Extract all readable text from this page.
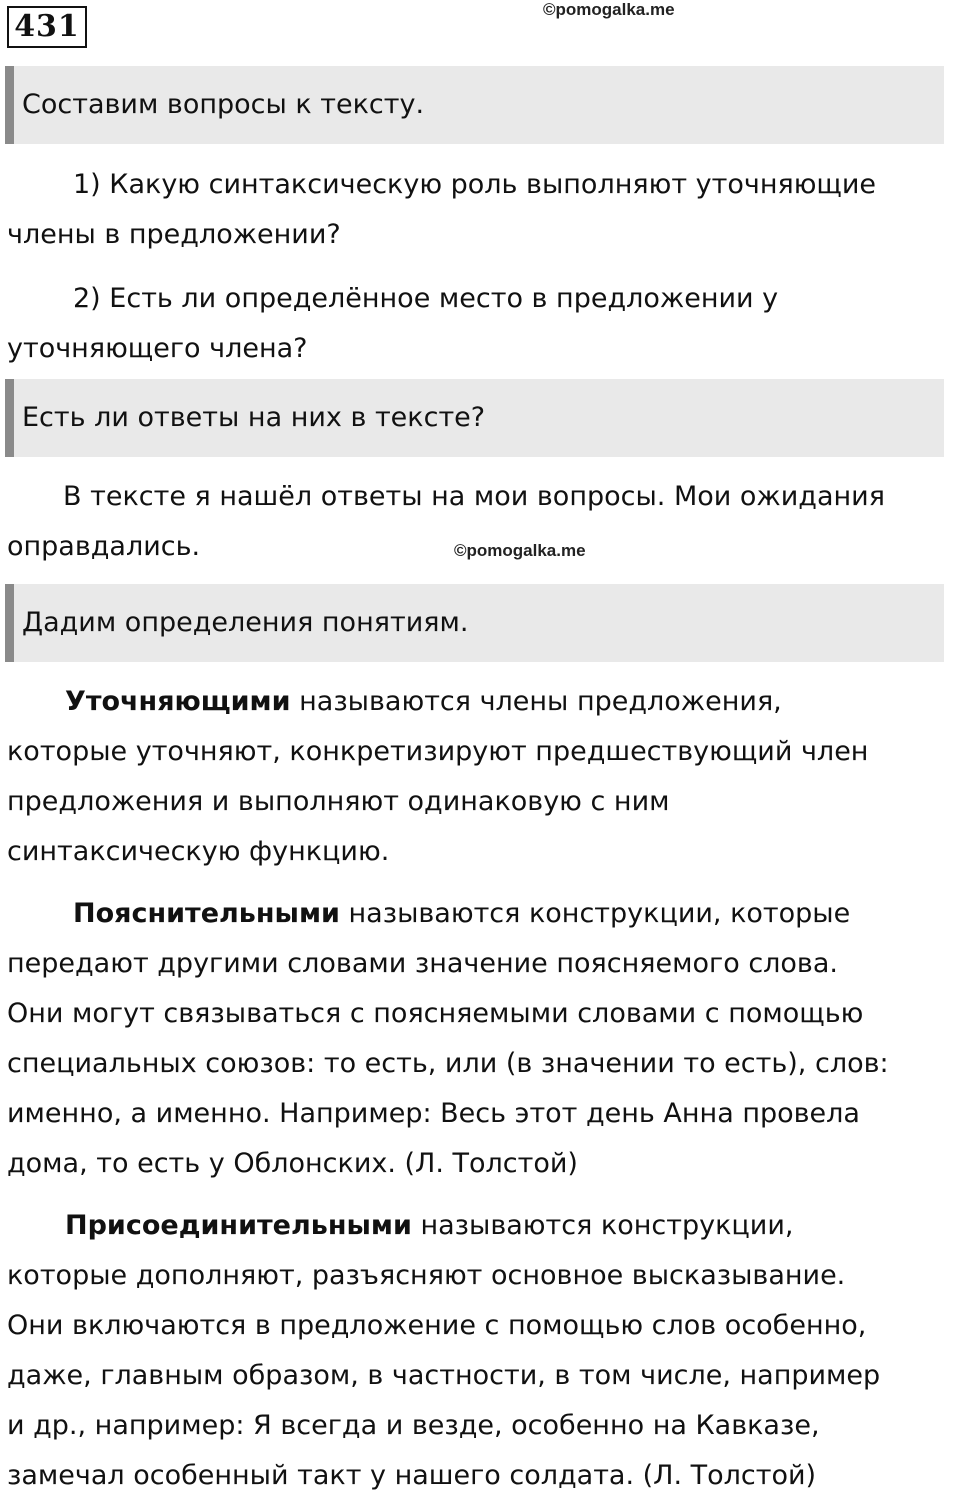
431	©pomogalka.me
Составим вопросы к тексту.
1) Какую синтаксическую роль выполняют уточняющие
члены в предложении?
2) Есть ли определённое место в предложении у
уточняющего члена?
Есть ли ответы на них в тексте?
В тексте я нашёл ответы на мои вопросы. Мои ожидания
оправдались.	©pomogalka.me
Дадим определения понятиям.
Уточняющими называются члены предложения,
которые уточняют, конкретизируют предшествующий член
предложения и выполняют одинаковую с ним
синтаксическую функцию.
Пояснительными называются конструкции, которые
передают другими словами значение поясняемого слова.
Они могут связываться с поясняемыми словами с помощью
специальных союзов: то есть, или (в значении то есть), слов:
именно, а именно. Например: Весь этот день Анна провела
дома, то есть у Облонских. (Л. Толстой)
Присоединительными называются конструкции,
которые дополняют, разъясняют основное высказывание.
Они включаются в предложение с помощью слов особенно,
даже, главным образом, в частности, в том числе, например
и др., например: Я всегда и везде, особенно на Кавказе,
замечал особенный такт у нашего солдата. (Л. Толстой)
